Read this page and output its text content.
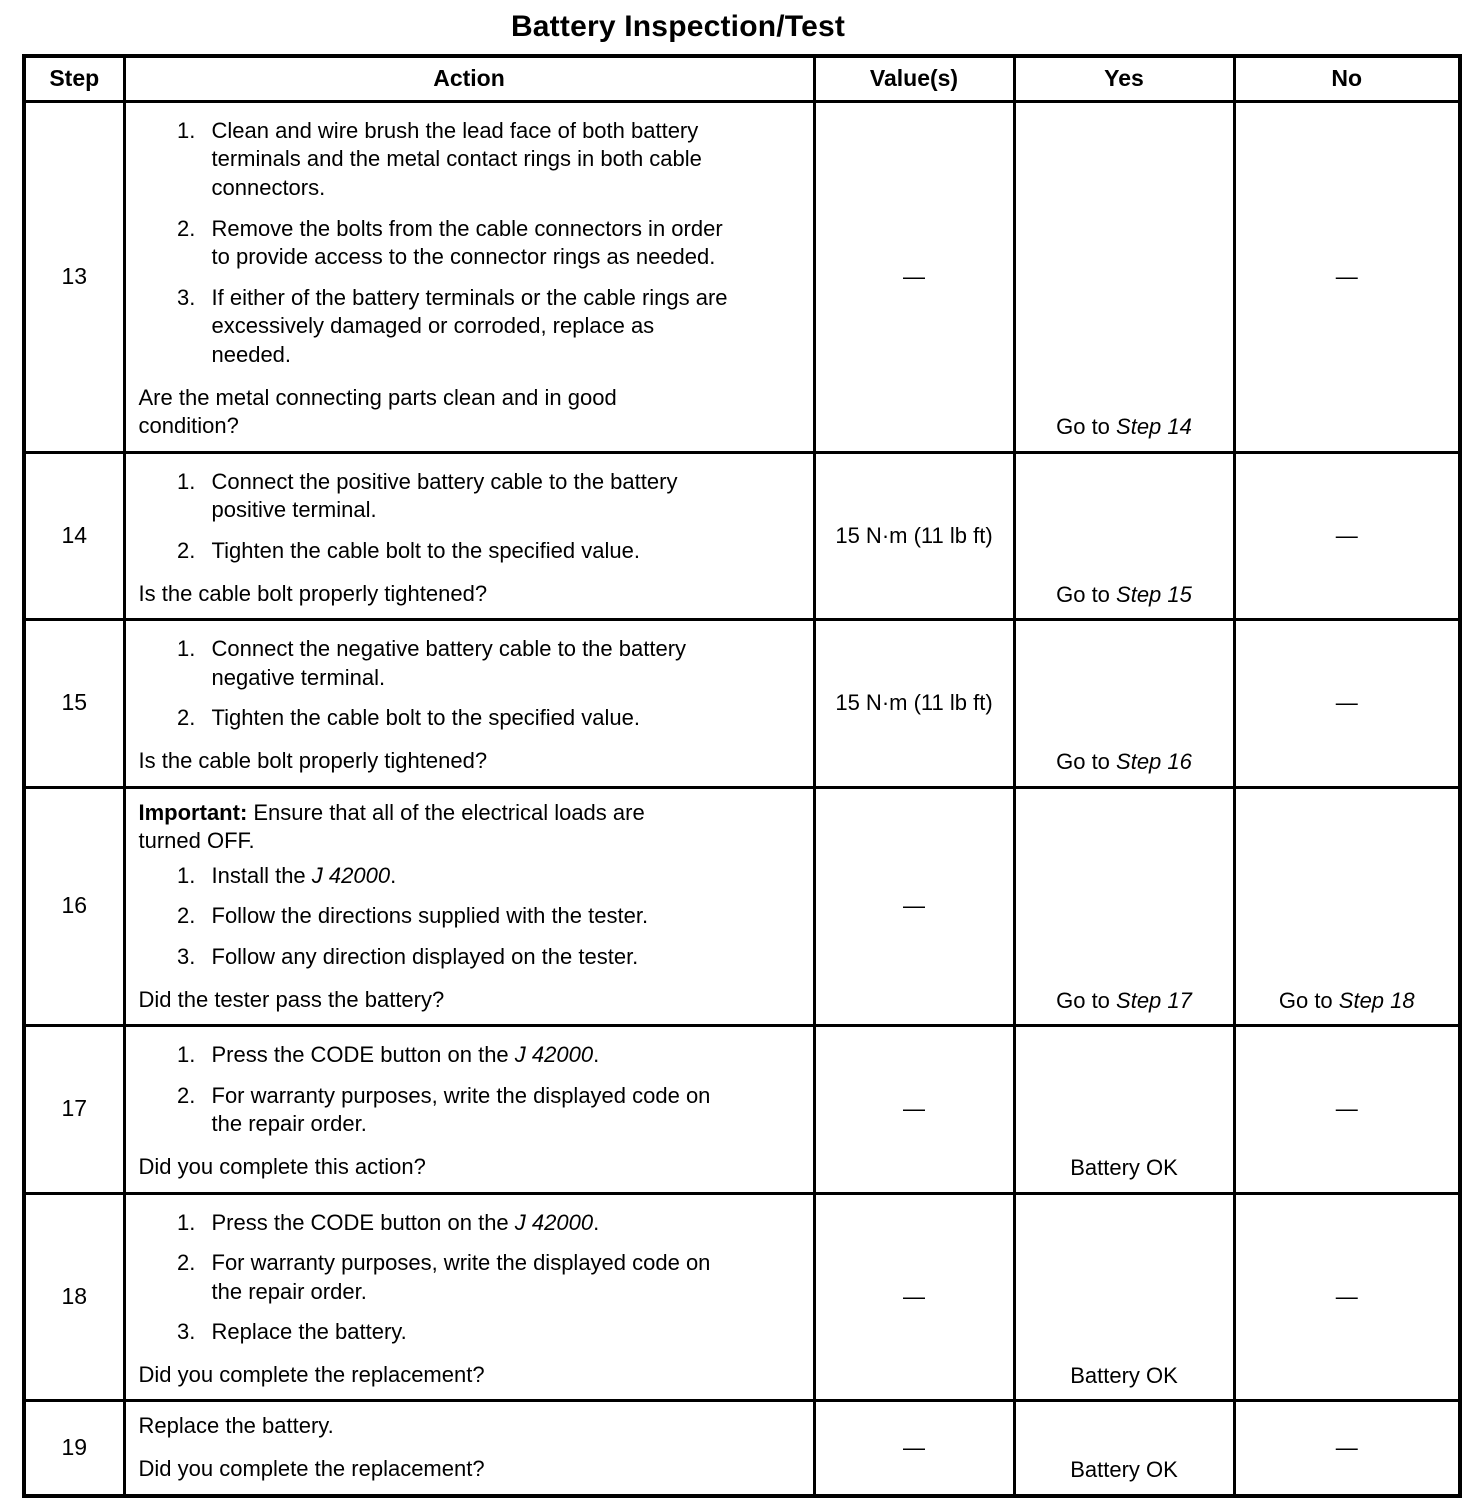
Battery Inspection/Test
Step	Action	Value(s)	Yes	No
13	
1. Clean and wire brush the lead face of both battery
terminals and the metal contact rings in both cable
connectors.
2. Remove the bolts from the cable connectors in order
to provide access to the connector rings as needed.
3. If either of the battery terminals or the cable rings are
excessively damaged or corroded, replace as
needed.

Are the metal connecting parts clean and in good
condition?

	—	Go to Step 14	—
14	
1. Connect the positive battery cable to the battery
positive terminal.
2. Tighten the cable bolt to the specified value.

Is the cable bolt properly tightened?

	15 N·m (11 lb ft)	Go to Step 15	—
15	
1. Connect the negative battery cable to the battery
negative terminal.
2. Tighten the cable bolt to the specified value.

Is the cable bolt properly tightened?

	15 N·m (11 lb ft)	Go to Step 16	—
16	

Important: Ensure that all of the electrical loads are
turned OFF.

1. Install the J 42000.
2. Follow the directions supplied with the tester.
3. Follow any direction displayed on the tester.

Did the tester pass the battery?

	—	Go to Step 17	Go to Step 18
17	
1. Press the CODE button on the J 42000.
2. For warranty purposes, write the displayed code on
the repair order.

Did you complete this action?

	—	Battery OK	—
18	
1. Press the CODE button on the J 42000.
2. For warranty purposes, write the displayed code on
the repair order.
3. Replace the battery.

Did you complete the replacement?

	—	Battery OK	—
19	Replace the battery.

Did you complete the replacement?	—	Battery OK	—
